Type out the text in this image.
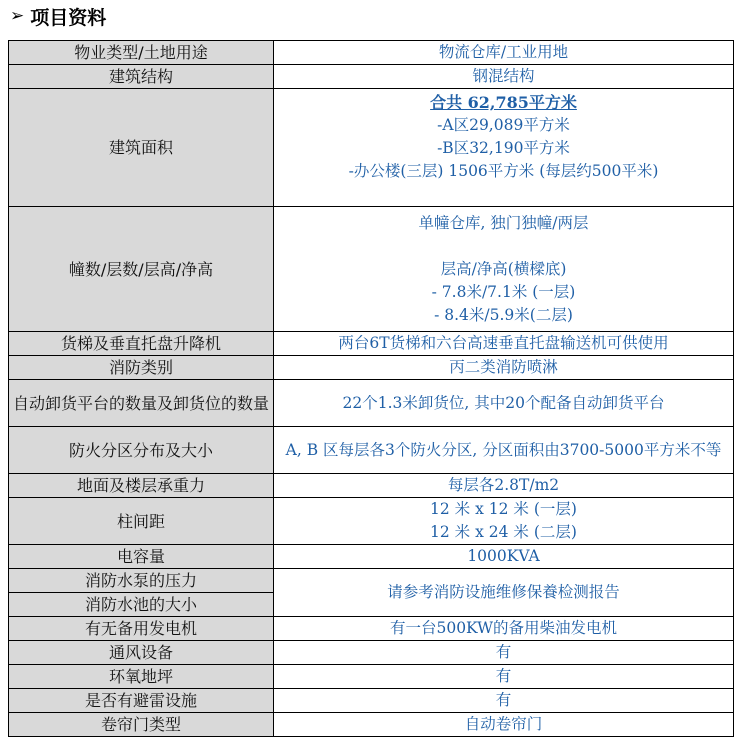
➢ 项目资料
物业类型/土地用途	物流仓库/工业用地
建筑结构	钢混结构
建筑面积	合共 62,785平方米
-A区29,089平方米
-B区32,190平方米
-办公楼(三层) 1506平方米 (每层约500平米)

幢数/层数/层高/净高	单幢仓库, 独门独幢/两层
层高/净高(横樑底)
- 7.8米/7.1米 (一层)
- 8.4米/5.9米(二层)

货梯及垂直托盘升降机	两台6T货梯和六台高速垂直托盘输送机可供使用
消防类别	丙二类消防喷淋
自动卸货平台的数量及卸货位的数量	22个1.3米卸货位, 其中20个配备自动卸货平台
防火分区分布及大小	A, B 区每层各3个防火分区, 分区面积由3700-5000平方米不等
地面及楼层承重力	每层各2.8T/m2
柱间距	12 米 x 12 米 (一层)
12 米 x 24 米 (二层)

电容量	1000KVA
消防水泵的压力	请参考消防设施维修保養检测报告
消防水池的大小	
有无备用发电机	有一台500KW的备用柴油发电机
通风设备	有
环氧地坪	有
是否有避雷设施	有
卷帘门类型	自动卷帘门
